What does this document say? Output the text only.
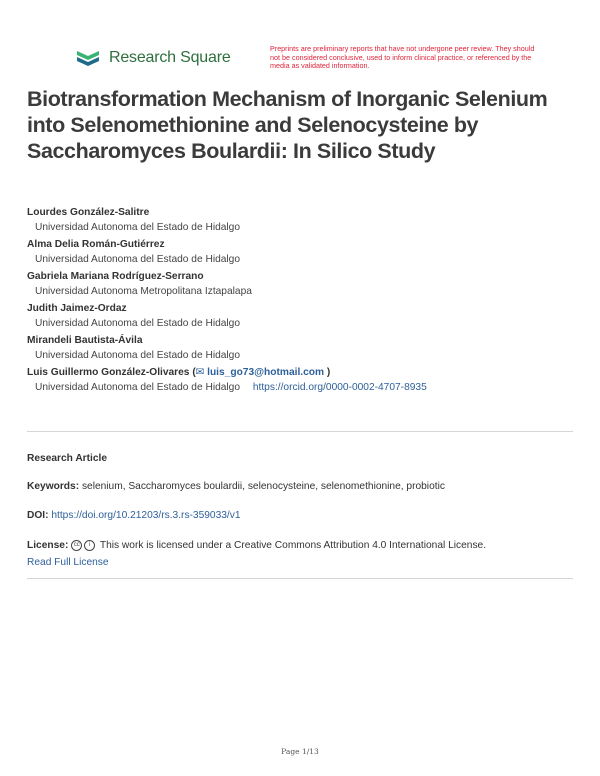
Research Square
Preprints are preliminary reports that have not undergone peer review. They should not be considered conclusive, used to inform clinical practice, or referenced by the media as validated information.
Biotransformation Mechanism of Inorganic Selenium into Selenomethionine and Selenocysteine by Saccharomyces Boulardii: In Silico Study
Lourdes González-Salitre
Universidad Autonoma del Estado de Hidalgo
Alma Delia Román-Gutiérrez
Universidad Autonoma del Estado de Hidalgo
Gabriela Mariana Rodríguez-Serrano
Universidad Autonoma Metropolitana Iztapalapa
Judith Jaimez-Ordaz
Universidad Autonoma del Estado de Hidalgo
Mirandeli Bautista-Ávila
Universidad Autonoma del Estado de Hidalgo
Luis Guillermo González-Olivares (✉ luis_go73@hotmail.com )
Universidad Autonoma del Estado de Hidalgo https://orcid.org/0000-0002-4707-8935
Research Article
Keywords: selenium, Saccharomyces boulardii, selenocysteine, selenomethionine, probiotic
DOI: https://doi.org/10.21203/rs.3.rs-359033/v1
License: cc i This work is licensed under a Creative Commons Attribution 4.0 International License.
Read Full License
Page 1/13
